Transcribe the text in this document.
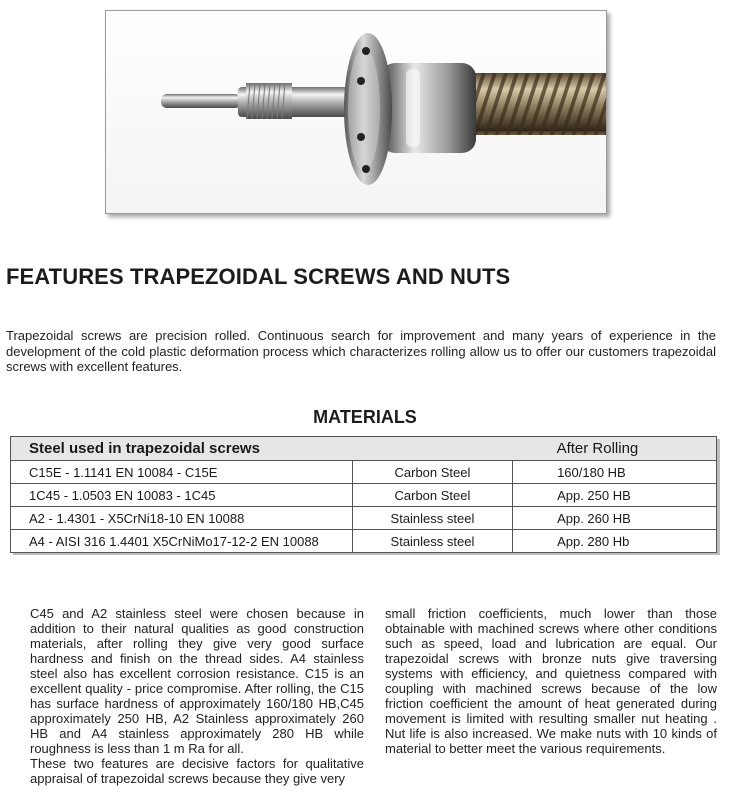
FEATURES TRAPEZOIDAL SCREWS AND NUTS

Trapezoidal screws are precision rolled. Continuous search for improvement and many years of experience in the development of the cold plastic deformation process which characterizes rolling allow us to offer our customers trapezoidal screws with excellent features.

MATERIALS
Steel used in trapezoidal screws		After Rolling
C15E - 1.1141 EN 10084 - C15E	Carbon Steel	160/180 HB
1C45 - 1.0503 EN 10083 - 1C45	Carbon Steel	App. 250 HB
A2 - 1.4301 - X5CrNi18-10 EN 10088	Stainless steel	App. 260 HB
A4 - AISI 316 1.4401 X5CrNiMo17-12-2 EN 10088	Stainless steel	App. 280 Hb
C45 and A2 stainless steel were chosen because in addition to their natural qualities as good construction materials, after rolling they give very good surface hardness and finish on the thread sides. A4 stainless steel also has excellent corrosion resistance. C15 is an excellent quality - price compromise. After rolling, the C15 has surface hardness of approximately 160/180 HB,C45 approximately 250 HB, A2 Stainless approximately 260 HB and A4 stainless approximately 280 HB while roughness is less than 1 m Ra for all.
These two features are decisive factors for qualitative appraisal of trapezoidal screws because they give very
small friction coefficients, much lower than those obtainable with machined screws where other conditions such as speed, load and lubrication are equal. Our trapezoidal screws with bronze nuts give traversing systems with efficiency, and quietness compared with coupling with machined screws because of the low friction coefficient the amount of heat generated during movement is limited with resulting smaller nut heating . Nut life is also increased. We make nuts with 10 kinds of material to better meet the various requirements.
